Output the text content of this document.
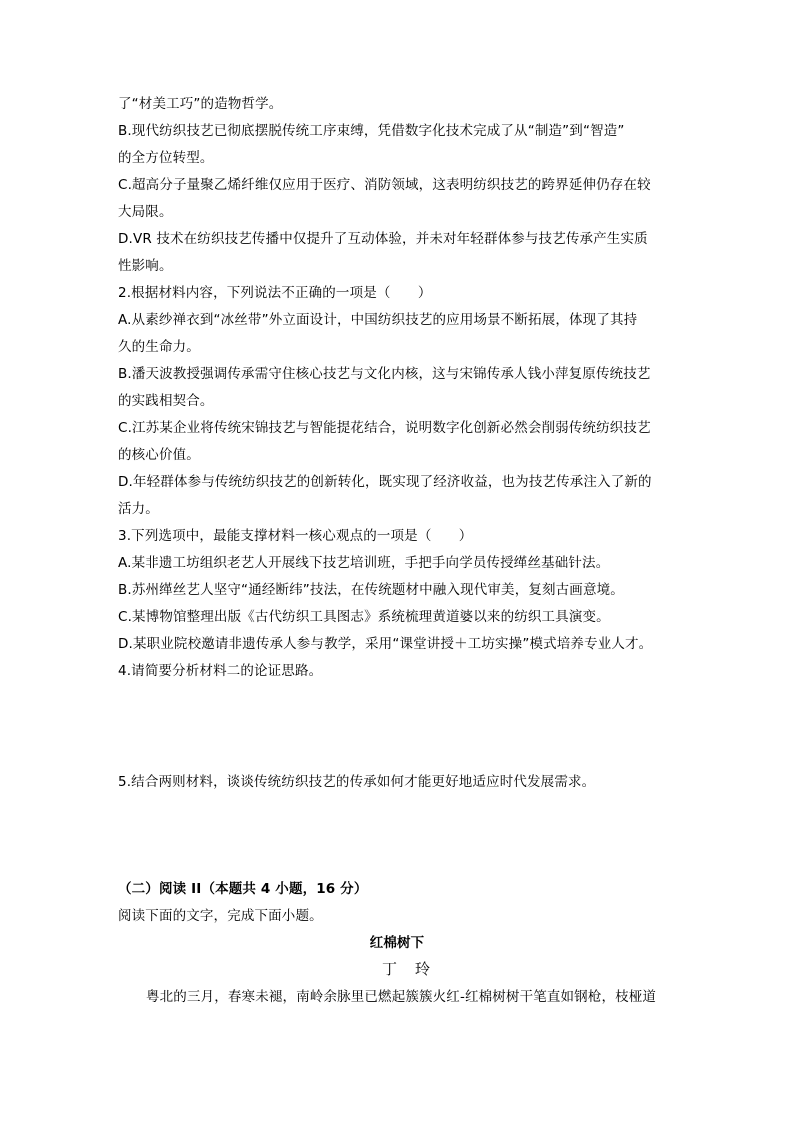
了“材美工巧”的造物哲学。
B.现代纺织技艺已彻底摆脱传统工序束缚，凭借数字化技术完成了从“制造”到“智造”
的全方位转型。
C.超高分子量聚乙烯纤维仅应用于医疗、消防领域，这表明纺织技艺的跨界延伸仍存在较
大局限。
D.VR 技术在纺织技艺传播中仅提升了互动体验，并未对年轻群体参与技艺传承产生实质
性影响。
2.根据材料内容，下列说法不正确的一项是（　　）
A.从素纱禅衣到“冰丝带”外立面设计，中国纺织技艺的应用场景不断拓展，体现了其持
久的生命力。
B.潘天波教授强调传承需守住核心技艺与文化内核，这与宋锦传承人钱小萍复原传统技艺
的实践相契合。
C.江苏某企业将传统宋锦技艺与智能提花结合，说明数字化创新必然会削弱传统纺织技艺
的核心价值。
D.年轻群体参与传统纺织技艺的创新转化，既实现了经济收益，也为技艺传承注入了新的
活力。
3.下列选项中，最能支撑材料一核心观点的一项是（　　）
A.某非遗工坊组织老艺人开展线下技艺培训班，手把手向学员传授缂丝基础针法。
B.苏州缂丝艺人坚守“通经断纬”技法，在传统题材中融入现代审美，复刻古画意境。
C.某博物馆整理出版《古代纺织工具图志》系统梳理黄道婆以来的纺织工具演变。
D.某职业院校邀请非遗传承人参与教学，采用“课堂讲授＋工坊实操”模式培养专业人才。
4.请简要分析材料二的论证思路。
5.结合两则材料，谈谈传统纺织技艺的传承如何才能更好地适应时代发展需求。
（二）阅读 II（本题共 4 小题，16 分）
阅读下面的文字，完成下面小题。
红棉树下
丁玲
粤北的三月，春寒未褪，南岭余脉里已燃起簇簇火红-红棉树树干笔直如钢枪，枝桠道
